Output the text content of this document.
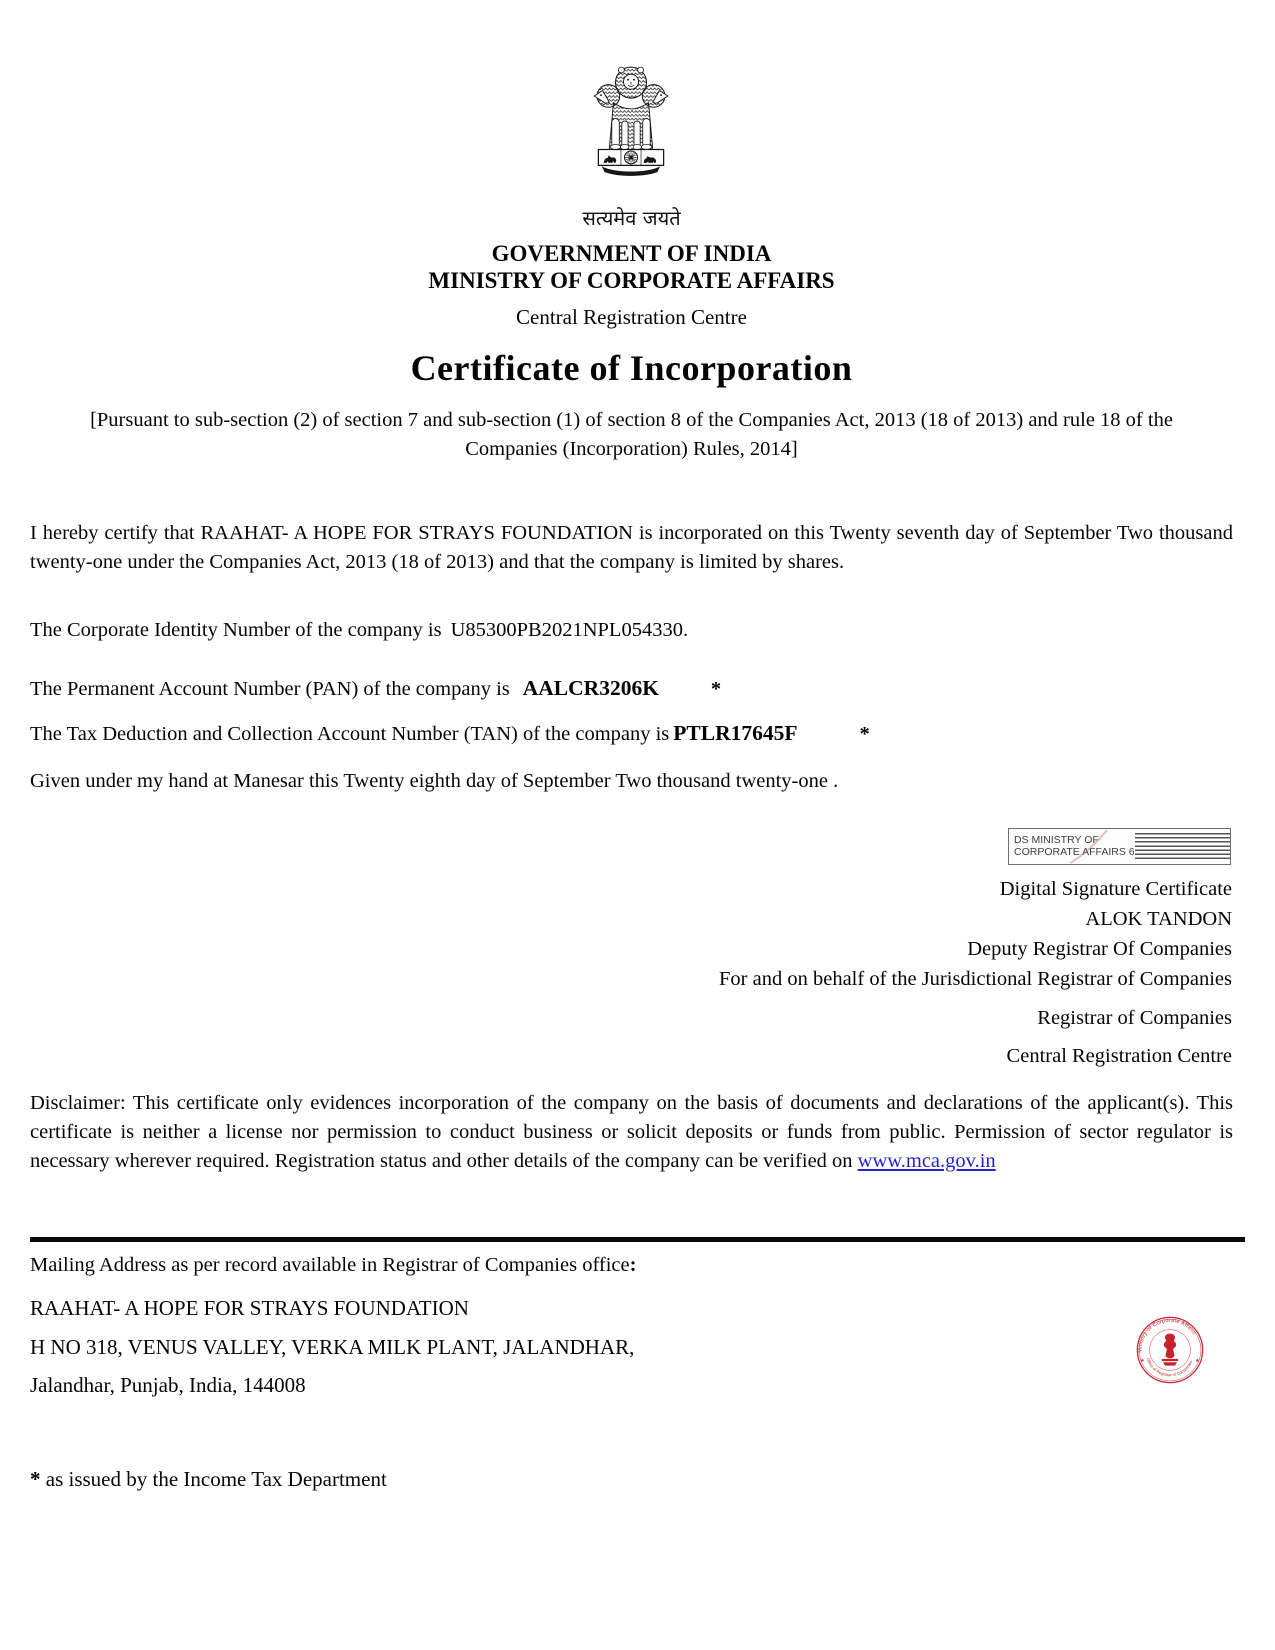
सत्यमेव जयते
GOVERNMENT OF INDIA
MINISTRY OF CORPORATE AFFAIRS
Central Registration Centre
Certificate of Incorporation
[Pursuant to sub-section (2) of section 7 and sub-section (1) of section 8 of the Companies Act, 2013 (18 of 2013) and rule 18 of the Companies (Incorporation) Rules, 2014]
I hereby certify that RAAHAT- A HOPE FOR STRAYS FOUNDATION is incorporated on this Twenty seventh day of September Two thousand twenty-one under the Companies Act, 2013 (18 of 2013) and that the company is limited by shares.
The Corporate Identity Number of the company is U85300PB2021NPL054330.
The Permanent Account Number (PAN) of the company is AALCR3206K	*
The Tax Deduction and Collection Account Number (TAN) of the company is PTLR17645F	*
Given under my hand at Manesar this Twenty eighth day of September Two thousand twenty-one .
DS MINISTRY OF
CORPORATE AFFAIRS 6
Digital Signature Certificate
ALOK TANDON
Deputy Registrar Of Companies
For and on behalf of the Jurisdictional Registrar of Companies
Registrar of Companies
Central Registration Centre
Disclaimer: This certificate only evidences incorporation of the company on the basis of documents and declarations of the applicant(s). This certificate is neither a license nor permission to conduct business or solicit deposits or funds from public. Permission of sector regulator is necessary wherever required. Registration status and other details of the company can be verified on www.mca.gov.in
Mailing Address as per record available in Registrar of Companies office:
RAAHAT- A HOPE FOR STRAYS FOUNDATION
H NO 318, VENUS VALLEY, VERKA MILK PLANT, JALANDHAR,
Jalandhar, Punjab, India, 144008
Ministry of Corporate Affairs
Office of Registrar of Companies
★	★
* as issued by the Income Tax Department
